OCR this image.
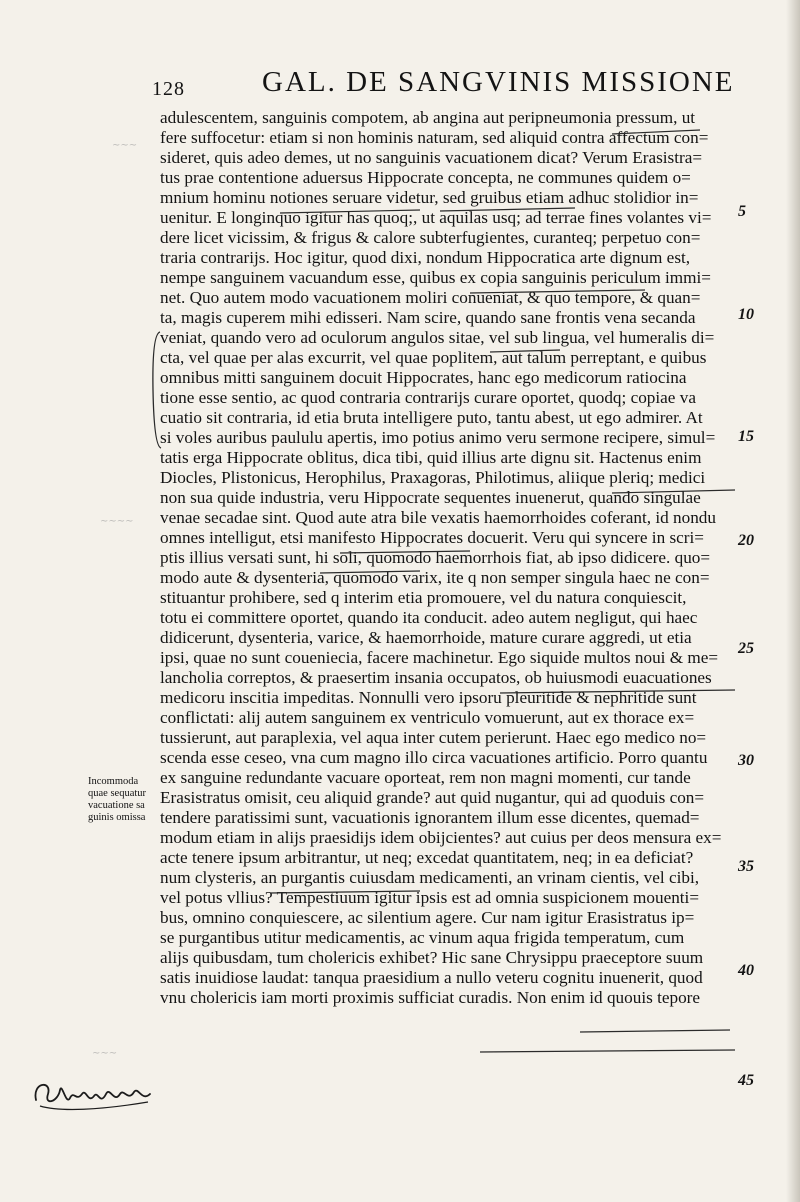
128	GAL. DE SANGVINIS MISSIONE
adulescentem, sanguinis compotem, ab angina aut peripneumonia pressum, ut
fere suffocetur: etiam si non hominis naturam, sed aliquid contra affectum con=
sideret, quis adeo demes, ut no sanguinis vacuationem dicat? Verum Erasistra=
tus prae contentione aduersus Hippocrate concepta, ne communes quidem o=
mnium hominu notiones seruare videtur, sed gruibus etiam adhuc stolidior in=
uenitur. E longinquo igitur has quoq;, ut aquilas usq; ad terrae fines volantes vi=
dere licet vicissim, & frigus & calore subterfugientes, curanteq; perpetuo con=
traria contrarijs. Hoc igitur, quod dixi, nondum Hippocratica arte dignum est,
nempe sanguinem vacuandum esse, quibus ex copia sanguinis periculum immi=
net. Quo autem modo vacuationem moliri conueniat, & quo tempore, & quan=
ta, magis cuperem mihi edisseri. Nam scire, quando sane frontis vena secanda
veniat, quando vero ad oculorum angulos sitae, vel sub lingua, vel humeralis di=
cta, vel quae per alas excurrit, vel quae poplitem, aut talum perreptant, e quibus
omnibus mitti sanguinem docuit Hippocrates, hanc ego medicorum ratiocina
tione esse sentio, ac quod contraria contrarijs curare oportet, quodq; copiae va
cuatio sit contraria, id etia bruta intelligere puto, tantu abest, ut ego admirer. At
si voles auribus paululu apertis, imo potius animo veru sermone recipere, simul=
tatis erga Hippocrate oblitus, dica tibi, quid illius arte dignu sit. Hactenus enim
Diocles, Plistonicus, Herophilus, Praxagoras, Philotimus, aliique pleriq; medici
non sua quide industria, veru Hippocrate sequentes inuenerut, quando singulae
venae secadae sint. Quod aute atra bile vexatis haemorrhoides coferant, id nondu
omnes intelligut, etsi manifesto Hippocrates docuerit. Veru qui syncere in scri=
ptis illius versati sunt, hi soli, quomodo haemorrhois fiat, ab ipso didicere. quo=
modo aute & dysenteria, quomodo varix, ite q non semper singula haec ne con=
stituantur prohibere, sed q interim etia promouere, vel du natura conquiescit,
totu ei committere oportet, quando ita conducit. adeo autem negligut, qui haec
didicerunt, dysenteria, varice, & haemorrhoide, mature curare aggredi, ut etia
ipsi, quae no sunt coueniecia, facere machinetur. Ego siquide multos noui & me=
lancholia correptos, & praesertim insania occupatos, ob huiusmodi euacuationes
medicoru inscitia impeditas. Nonnulli vero ipsoru pleuritide & nephritide sunt
conflictati: alij autem sanguinem ex ventriculo vomuerunt, aut ex thorace ex=
tussierunt, aut paraplexia, vel aqua inter cutem perierunt. Haec ego medico no=
scenda esse ceseo, vna cum magno illo circa vacuationes artificio. Porro quantu
ex sanguine redundante vacuare oporteat, rem non magni momenti, cur tande
Erasistratus omisit, ceu aliquid grande? aut quid nugantur, qui ad quoduis con=
tendere paratissimi sunt, vacuationis ignorantem illum esse dicentes, quemad=
modum etiam in alijs praesidijs idem obijcientes? aut cuius per deos mensura ex=
acte tenere ipsum arbitrantur, ut neq; excedat quantitatem, neq; in ea deficiat?
num clysteris, an purgantis cuiusdam medicamenti, an vrinam cientis, vel cibi,
vel potus vllius? Tempestiuum igitur ipsis est ad omnia suspicionem mouenti=
bus, omnino conquiescere, ac silentium agere. Cur nam igitur Erasistratus ip=
se purgantibus utitur medicamentis, ac vinum aqua frigida temperatum, cum
alijs quibusdam, tum cholericis exhibet? Hic sane Chrysippu praeceptore suum
satis inuidiose laudat: tanqua praesidium a nullo veteru cognitu inuenerit, quod
vnu cholericis iam morti proximis sufficiat curadis. Non enim id quouis tepore
5
10
15
20
25
30
35
40
45
Incommoda
quae sequatur
vacuatione sa
guinis omissa
∼∼∼
∼∼∼∼
∼∼∼
